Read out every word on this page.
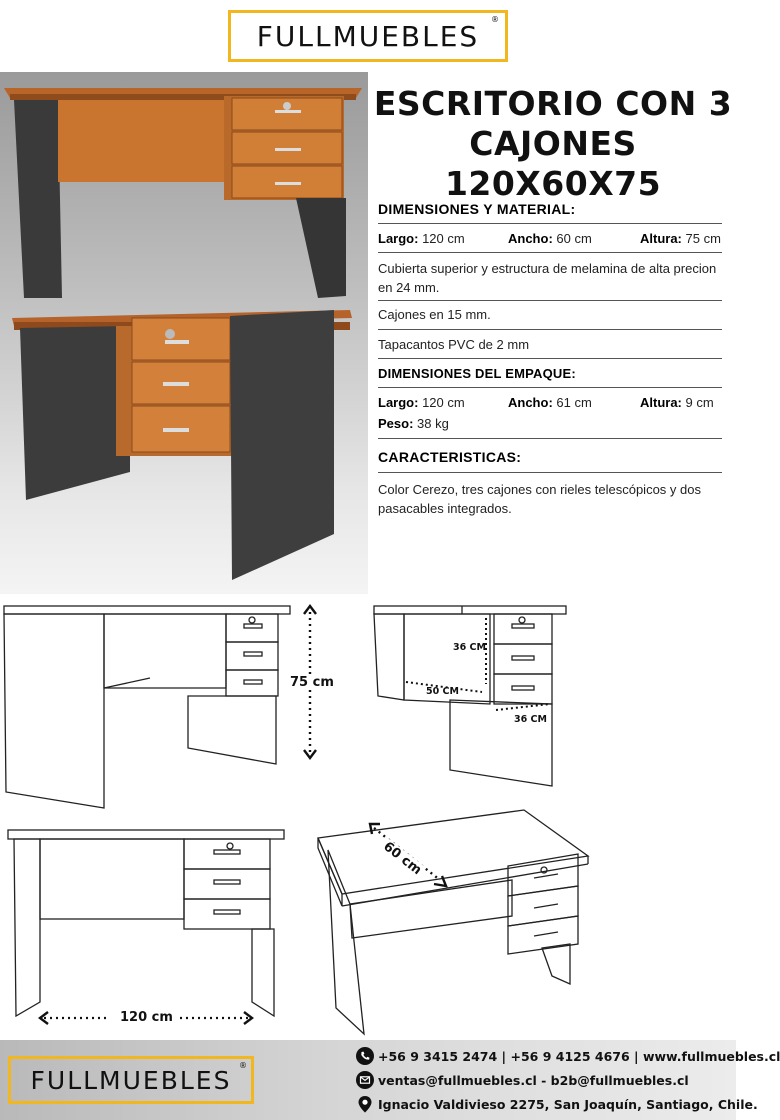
FULLMUEBLES ®
ESCRITORIO CON 3
CAJONES 120X60X75
DIMENSIONES Y MATERIAL:
Largo: 120 cm	Ancho: 60 cm	Altura: 75 cm
Cubierta superior y estructura de melamina de alta precion en 24 mm.
Cajones en 15 mm.
Tapacantos PVC de 2 mm
DIMENSIONES DEL EMPAQUE:
Largo: 120 cm	Ancho: 61 cm	Altura: 9 cm
Peso: 38 kg
CARACTERISTICAS:
Color Cerezo, tres cajones con rieles telescópicos y dos pasacables integrados.
75 cm
36 CM
50 CM
36 CM
120 cm
60 cm
FULLMUEBLES ®
+56 9 3415 2474 | +56 9 4125 4676 | www.fullmuebles.cl
ventas@fullmuebles.cl - b2b@fullmuebles.cl
Ignacio Valdivieso 2275, San Joaquín, Santiago, Chile.
